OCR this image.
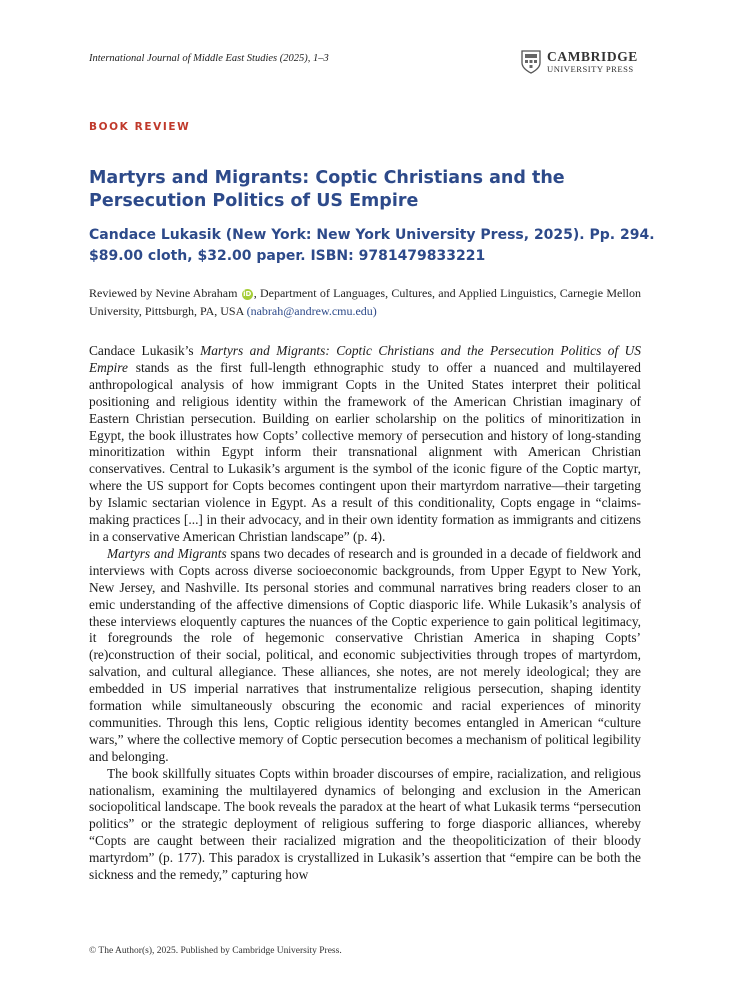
International Journal of Middle East Studies (2025), 1–3	CAMBRIDGE
UNIVERSITY PRESS
BOOK REVIEW
Martyrs and Migrants: Coptic Christians and the Persecution Politics of US Empire
Candace Lukasik (New York: New York University Press, 2025). Pp. 294. $89.00 cloth, $32.00 paper. ISBN: 9781479833221
Reviewed by Nevine Abraham iD , Department of Languages, Cultures, and Applied Linguistics, Carnegie Mellon University, Pittsburgh, PA, USA (nabrah@andrew.cmu.edu)

Candace Lukasik’s Martyrs and Migrants: Coptic Christians and the Persecution Politics of US Empire stands as the first full-length ethnographic study to offer a nuanced and multilayered anthropological analysis of how immigrant Copts in the United States interpret their political positioning and religious identity within the framework of the American Christian imaginary of Eastern Christian persecution. Building on earlier scholarship on the politics of minoritization in Egypt, the book illustrates how Copts’ collective memory of persecution and history of long-standing minoritization within Egypt inform their transnational alignment with American Christian conservatives. Central to Lukasik’s argument is the symbol of the iconic figure of the Coptic martyr, where the US support for Copts becomes contingent upon their martyrdom narrative—their targeting by Islamic sectarian violence in Egypt. As a result of this conditionality, Copts engage in “claims-making practices [...] in their advocacy, and in their own identity formation as immigrants and citizens in a conservative American Christian landscape” (p. 4).

Martyrs and Migrants spans two decades of research and is grounded in a decade of fieldwork and interviews with Copts across diverse socioeconomic backgrounds, from Upper Egypt to New York, New Jersey, and Nashville. Its personal stories and communal narratives bring readers closer to an emic understanding of the affective dimensions of Coptic diasporic life. While Lukasik’s analysis of these interviews eloquently captures the nuances of the Coptic experience to gain political legitimacy, it foregrounds the role of hegemonic conservative Christian America in shaping Copts’ (re)construction of their social, political, and economic subjectivities through tropes of martyrdom, salvation, and cultural allegiance. These alliances, she notes, are not merely ideological; they are embedded in US imperial narratives that instrumentalize religious persecution, shaping identity formation while simultaneously obscuring the economic and racial experiences of minority communities. Through this lens, Coptic religious identity becomes entangled in American “culture wars,” where the collective memory of Coptic persecution becomes a mechanism of political legibility and belonging.

The book skillfully situates Copts within broader discourses of empire, racialization, and religious nationalism, examining the multilayered dynamics of belonging and exclusion in the American sociopolitical landscape. The book reveals the paradox at the heart of what Lukasik terms “persecution politics” or the strategic deployment of religious suffering to forge diasporic alliances, whereby “Copts are caught between their racialized migration and the theopoliticization of their bloody martyrdom” (p. 177). This paradox is crystallized in Lukasik’s assertion that “empire can be both the sickness and the remedy,” capturing how

© The Author(s), 2025. Published by Cambridge University Press.
